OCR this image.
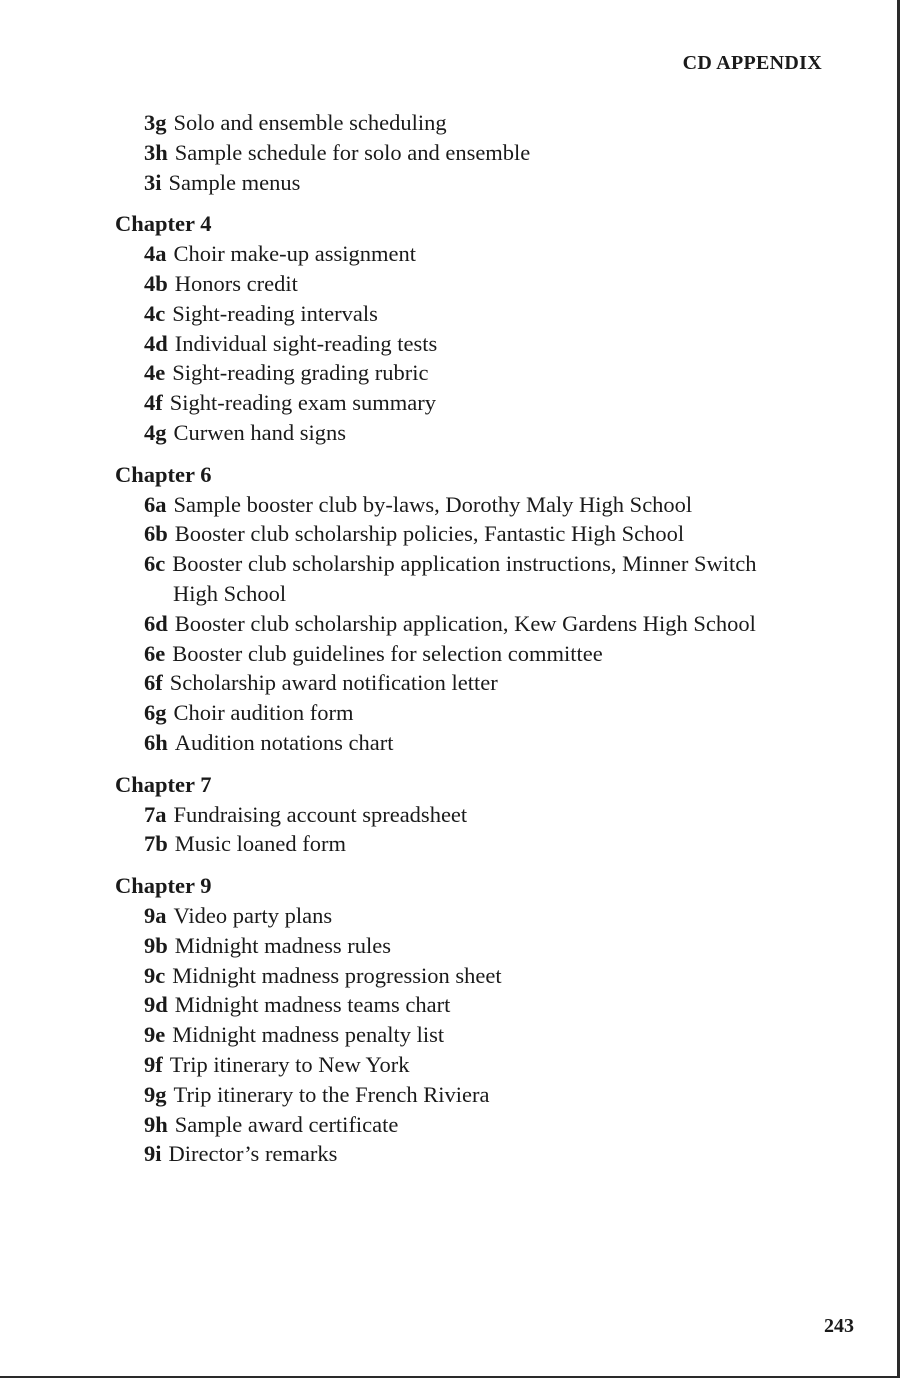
CD APPENDIX
3g Solo and ensemble scheduling
3h Sample schedule for solo and ensemble
3i Sample menus
Chapter 4
4a Choir make-up assignment
4b Honors credit
4c Sight-reading intervals
4d Individual sight-reading tests
4e Sight-reading grading rubric
4f Sight-reading exam summary
4g Curwen hand signs
Chapter 6
6a Sample booster club by-laws, Dorothy Maly High School
6b Booster club scholarship policies, Fantastic High School
6c Booster club scholarship application instructions, Minner Switch
High School
6d Booster club scholarship application, Kew Gardens High School
6e Booster club guidelines for selection committee
6f Scholarship award notification letter
6g Choir audition form
6h Audition notations chart
Chapter 7
7a Fundraising account spreadsheet
7b Music loaned form
Chapter 9
9a Video party plans
9b Midnight madness rules
9c Midnight madness progression sheet
9d Midnight madness teams chart
9e Midnight madness penalty list
9f Trip itinerary to New York
9g Trip itinerary to the French Riviera
9h Sample award certificate
9i Director’s remarks
243
